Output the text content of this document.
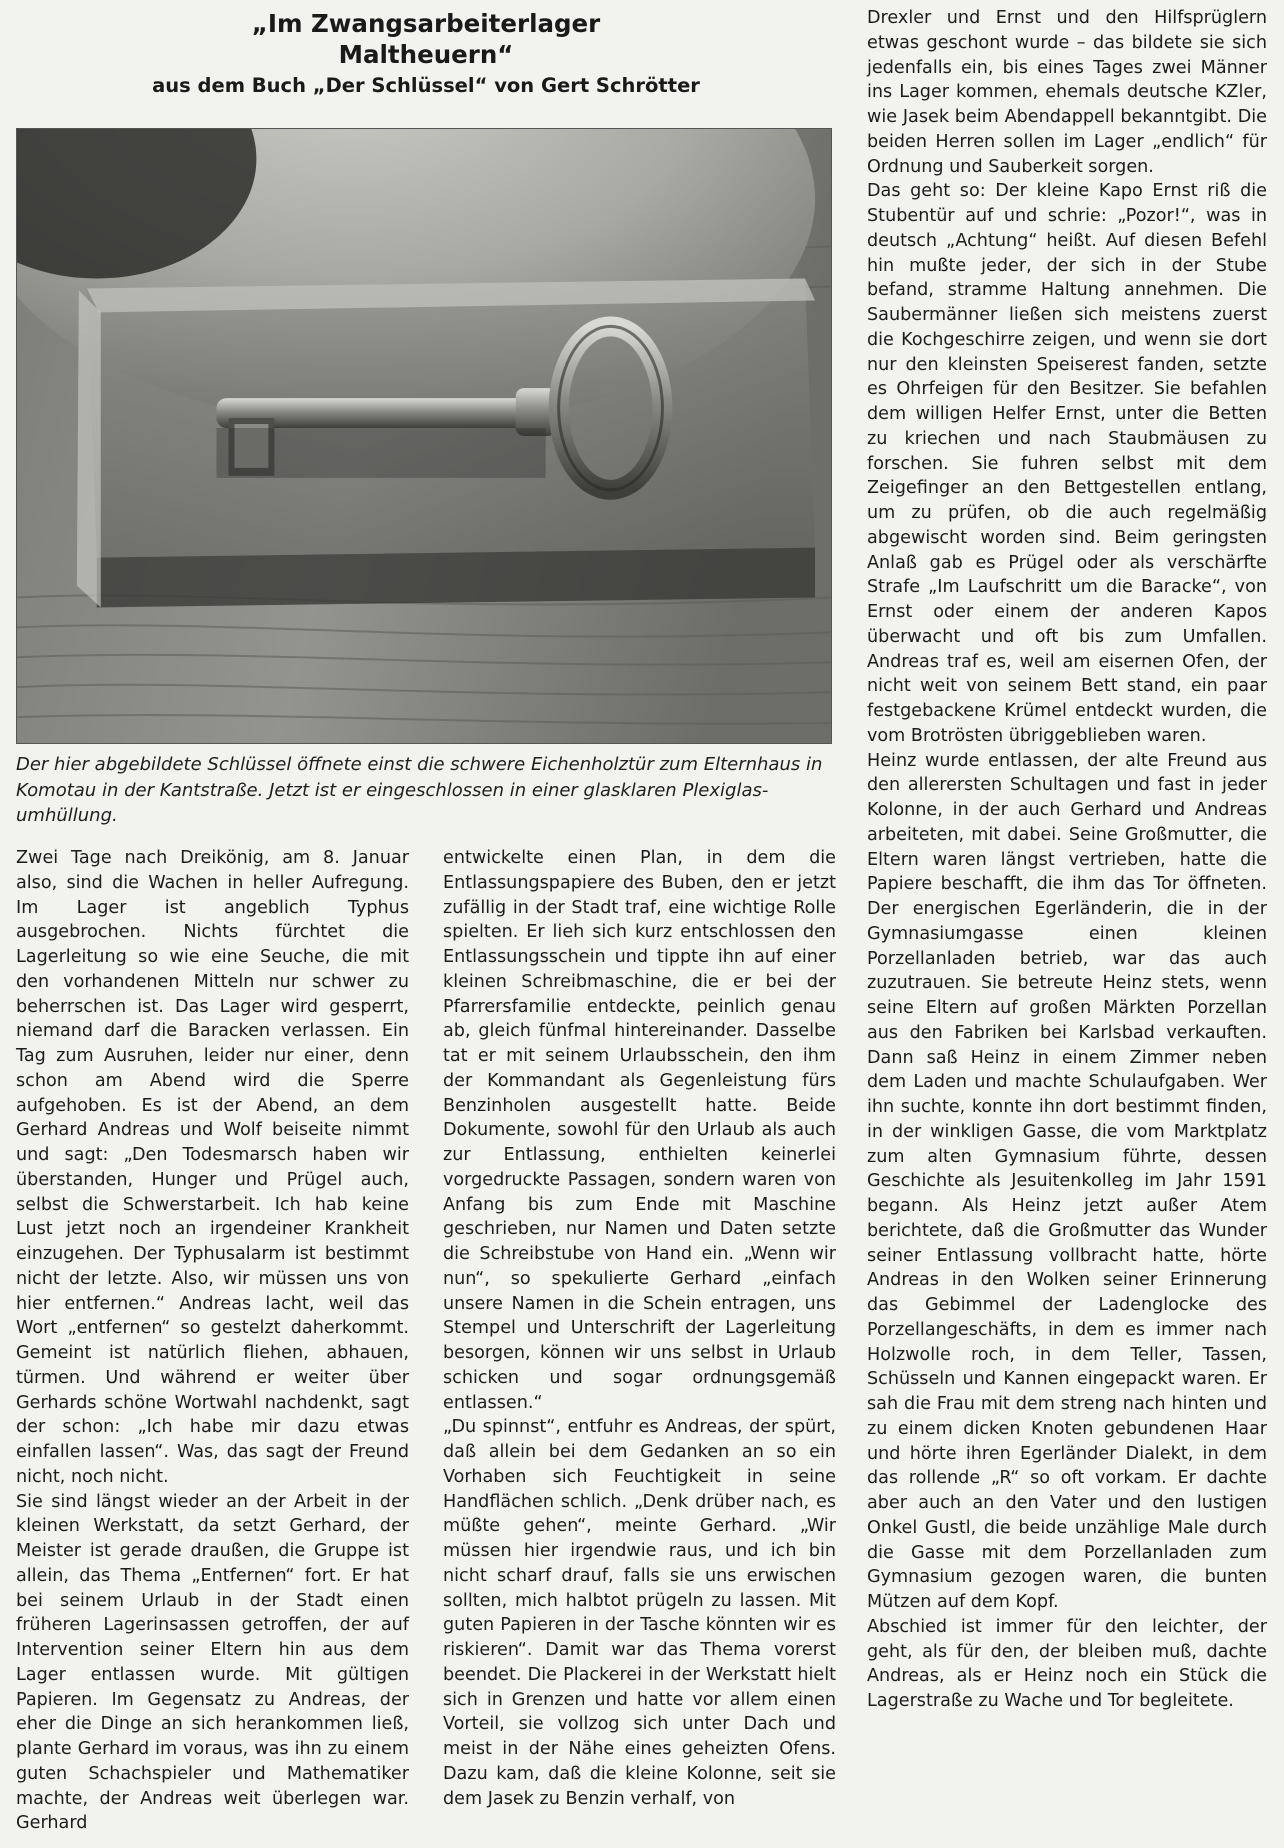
„Im Zwangsarbeiterlager
Maltheuern“
aus dem Buch „Der Schlüssel“ von Gert Schrötter
Der hier abgebildete Schlüssel öffnete einst die schwere Eichenholztür zum Elternhaus in Komotau in der Kantstraße. Jetzt ist er eingeschlossen in einer glasklaren Plexiglasumhüllung.

Zwei Tage nach Dreikönig, am 8. Januar also, sind die Wachen in heller Aufregung. Im Lager ist angeblich Typhus ausgebrochen. Nichts fürchtet die Lagerleitung so wie eine Seuche, die mit den vorhandenen Mitteln nur schwer zu beherrschen ist. Das Lager wird gesperrt, niemand darf die Baracken verlassen. Ein Tag zum Ausruhen, leider nur einer, denn schon am Abend wird die Sperre aufgehoben. Es ist der Abend, an dem Gerhard Andreas und Wolf beiseite nimmt und sagt: „Den Todesmarsch haben wir überstanden, Hunger und Prügel auch, selbst die Schwerstarbeit. Ich hab keine Lust jetzt noch an irgendeiner Krankheit einzugehen. Der Typhusalarm ist bestimmt nicht der letzte. Also, wir müssen uns von hier entfernen.“ Andreas lacht, weil das Wort „entfernen“ so gestelzt daherkommt. Gemeint ist natürlich fliehen, abhauen, türmen. Und während er weiter über Gerhards schöne Wortwahl nachdenkt, sagt der schon: „Ich habe mir dazu etwas einfallen lassen“. Was, das sagt der Freund nicht, noch nicht.

Sie sind längst wieder an der Arbeit in der kleinen Werkstatt, da setzt Gerhard, der Meister ist gerade draußen, die Gruppe ist allein, das Thema „Entfernen“ fort. Er hat bei seinem Urlaub in der Stadt einen früheren Lagerinsassen getroffen, der auf Intervention seiner Eltern hin aus dem Lager entlassen wurde. Mit gültigen Papieren. Im Gegensatz zu Andreas, der eher die Dinge an sich herankommen ließ, plante Gerhard im voraus, was ihn zu einem guten Schachspieler und Mathematiker machte, der Andreas weit überlegen war. Gerhard

entwickelte einen Plan, in dem die Entlassungspapiere des Buben, den er jetzt zufällig in der Stadt traf, eine wichtige Rolle spielten. Er lieh sich kurz entschlossen den Entlassungsschein und tippte ihn auf einer kleinen Schreibmaschine, die er bei der Pfarrersfamilie entdeckte, peinlich genau ab, gleich fünfmal hintereinander. Dasselbe tat er mit seinem Urlaubsschein, den ihm der Kommandant als Gegenleistung fürs Benzinholen ausgestellt hatte. Beide Dokumente, sowohl für den Urlaub als auch zur Entlassung, enthielten keinerlei vorgedruckte Passagen, sondern waren von Anfang bis zum Ende mit Maschine geschrieben, nur Namen und Daten setzte die Schreibstube von Hand ein. „Wenn wir nun“, so spekulierte Gerhard „einfach unsere Namen in die Schein entragen, uns Stempel und Unterschrift der Lagerleitung besorgen, können wir uns selbst in Urlaub schicken und sogar ordnungsgemäß entlassen.“

„Du spinnst“, entfuhr es Andreas, der spürt, daß allein bei dem Gedanken an so ein Vorhaben sich Feuchtigkeit in seine Handflächen schlich. „Denk drüber nach, es müßte gehen“, meinte Gerhard. „Wir müssen hier irgendwie raus, und ich bin nicht scharf drauf, falls sie uns erwischen sollten, mich halbtot prügeln zu lassen. Mit guten Papieren in der Tasche könnten wir es riskieren“. Damit war das Thema vorerst beendet. Die Plackerei in der Werkstatt hielt sich in Grenzen und hatte vor allem einen Vorteil, sie vollzog sich unter Dach und meist in der Nähe eines geheizten Ofens. Dazu kam, daß die kleine Kolonne, seit sie dem Jasek zu Benzin verhalf, von

Drexler und Ernst und den Hilfsprüglern etwas geschont wurde – das bildete sie sich jedenfalls ein, bis eines Tages zwei Männer ins Lager kommen, ehemals deutsche KZler, wie Jasek beim Abendappell bekanntgibt. Die beiden Herren sollen im Lager „endlich“ für Ordnung und Sauberkeit sorgen.

Das geht so: Der kleine Kapo Ernst riß die Stubentür auf und schrie: „Pozor!“, was in deutsch „Achtung“ heißt. Auf diesen Befehl hin mußte jeder, der sich in der Stube befand, stramme Haltung annehmen. Die Saubermänner ließen sich meistens zuerst die Kochgeschirre zeigen, und wenn sie dort nur den kleinsten Speiserest fanden, setzte es Ohrfeigen für den Besitzer. Sie befahlen dem willigen Helfer Ernst, unter die Betten zu kriechen und nach Staubmäusen zu forschen. Sie fuhren selbst mit dem Zeigefinger an den Bettgestellen entlang, um zu prüfen, ob die auch regelmäßig abgewischt worden sind. Beim geringsten Anlaß gab es Prügel oder als verschärfte Strafe „Im Laufschritt um die Baracke“, von Ernst oder einem der anderen Kapos überwacht und oft bis zum Umfallen. Andreas traf es, weil am eisernen Ofen, der nicht weit von seinem Bett stand, ein paar festgebackene Krümel entdeckt wurden, die vom Brotrösten übriggeblieben waren.

Heinz wurde entlassen, der alte Freund aus den allerersten Schultagen und fast in jeder Kolonne, in der auch Gerhard und Andreas arbeiteten, mit dabei. Seine Großmutter, die Eltern waren längst vertrieben, hatte die Papiere beschafft, die ihm das Tor öffneten. Der energischen Egerländerin, die in der Gymnasiumgasse einen kleinen Porzellanladen betrieb, war das auch zuzutrauen. Sie betreute Heinz stets, wenn seine Eltern auf großen Märkten Porzellan aus den Fabriken bei Karlsbad verkauften. Dann saß Heinz in einem Zimmer neben dem Laden und machte Schulaufgaben. Wer ihn suchte, konnte ihn dort bestimmt finden, in der winkligen Gasse, die vom Marktplatz zum alten Gymnasium führte, dessen Geschichte als Jesuitenkolleg im Jahr 1591 begann. Als Heinz jetzt außer Atem berichtete, daß die Großmutter das Wunder seiner Entlassung vollbracht hatte, hörte Andreas in den Wolken seiner Erinnerung das Gebimmel der Ladenglocke des Porzellangeschäfts, in dem es immer nach Holzwolle roch, in dem Teller, Tassen, Schüsseln und Kannen eingepackt waren. Er sah die Frau mit dem streng nach hinten und zu einem dicken Knoten gebundenen Haar und hörte ihren Egerländer Dialekt, in dem das rollende „R“ so oft vorkam. Er dachte aber auch an den Vater und den lustigen Onkel Gustl, die beide unzählige Male durch die Gasse mit dem Porzellanladen zum Gymnasium gezogen waren, die bunten Mützen auf dem Kopf.

Abschied ist immer für den leichter, der geht, als für den, der bleiben muß, dachte Andreas, als er Heinz noch ein Stück die Lagerstraße zu Wache und Tor begleitete.
